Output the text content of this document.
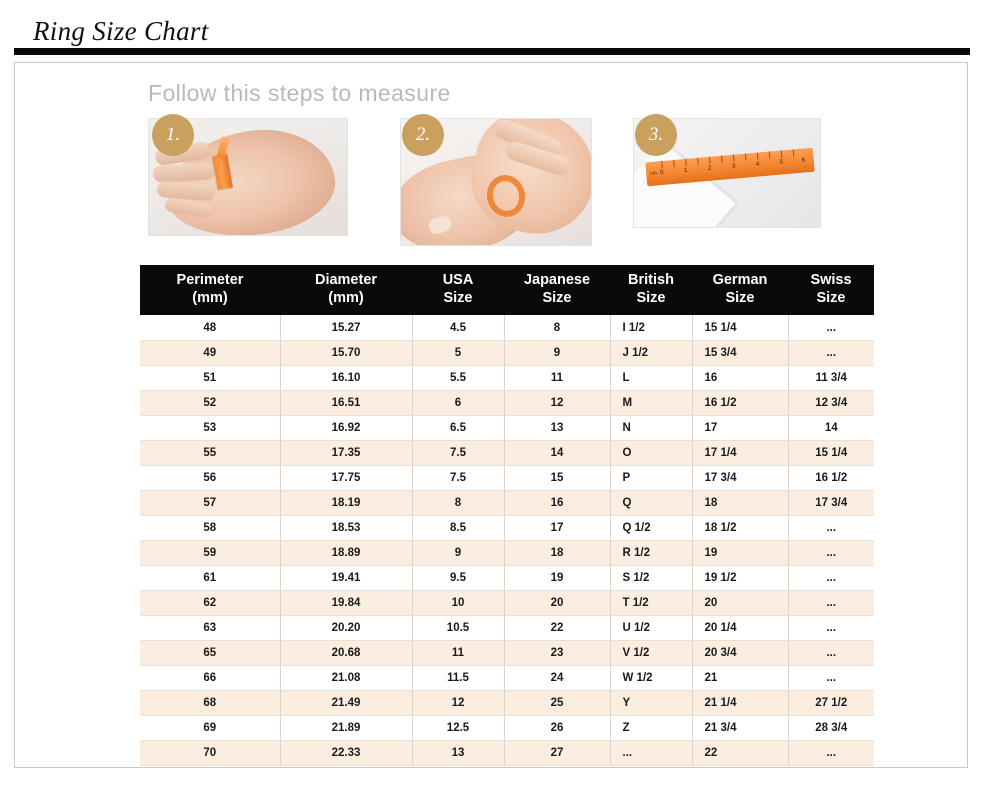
Ring Size Chart
Follow this steps to measure
1.	2.
cm 0	1	2	3	4	5	6
3.
Perimeter
(mm)

Diameter
(mm)

USA
Size

Japanese
Size

British
Size

German
Size

Swiss
Size

48	15.27	4.5	8	I 1/2	15 1/4	...
49	15.70	5	9	J 1/2	15 3/4	...
51	16.10	5.5	11	L	16	11 3/4
52	16.51	6	12	M	16 1/2	12 3/4
53	16.92	6.5	13	N	17	14
55	17.35	7.5	14	O	17 1/4	15 1/4
56	17.75	7.5	15	P	17 3/4	16 1/2
57	18.19	8	16	Q	18	17 3/4
58	18.53	8.5	17	Q 1/2	18 1/2	...
59	18.89	9	18	R 1/2	19	...
61	19.41	9.5	19	S 1/2	19 1/2	...
62	19.84	10	20	T 1/2	20	...
63	20.20	10.5	22	U 1/2	20 1/4	...
65	20.68	11	23	V 1/2	20 3/4	...
66	21.08	11.5	24	W 1/2	21	...
68	21.49	12	25	Y	21 1/4	27 1/2
69	21.89	12.5	26	Z	21 3/4	28 3/4
70	22.33	13	27	...	22	...
